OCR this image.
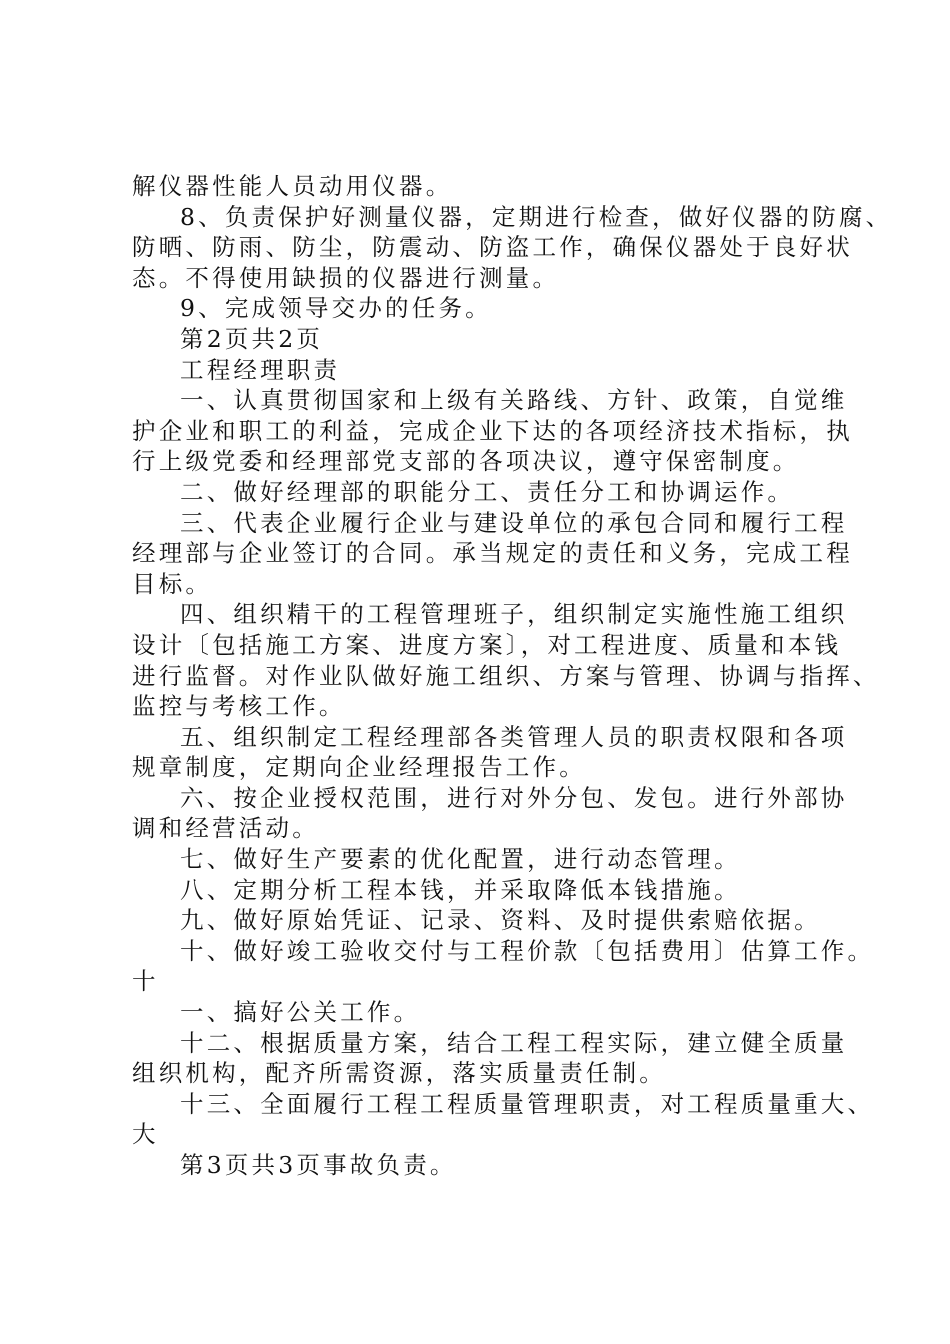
解仪器性能人员动用仪器。
8、负责保护好测量仪器，定期进行检查，做好仪器的防腐、
防晒、防雨、防尘，防震动、防盗工作，确保仪器处于良好状
态。不得使用缺损的仪器进行测量。
9、完成领导交办的任务。
第2页共2页
工程经理职责
一、认真贯彻国家和上级有关路线、方针、政策，自觉维
护企业和职工的利益，完成企业下达的各项经济技术指标，执
行上级党委和经理部党支部的各项决议，遵守保密制度。
二、做好经理部的职能分工、责任分工和协调运作。
三、代表企业履行企业与建设单位的承包合同和履行工程
经理部与企业签订的合同。承当规定的责任和义务，完成工程
目标。
四、组织精干的工程管理班子，组织制定实施性施工组织
设计〔包括施工方案、进度方案〕，对工程进度、质量和本钱
进行监督。对作业队做好施工组织、方案与管理、协调与指挥、
监控与考核工作。
五、组织制定工程经理部各类管理人员的职责权限和各项
规章制度，定期向企业经理报告工作。
六、按企业授权范围，进行对外分包、发包。进行外部协
调和经营活动。
七、做好生产要素的优化配置，进行动态管理。
八、定期分析工程本钱，并采取降低本钱措施。
九、做好原始凭证、记录、资料、及时提供索赔依据。
十、做好竣工验收交付与工程价款〔包括费用〕估算工作。
十
一、搞好公关工作。
十二、根据质量方案，结合工程工程实际，建立健全质量
组织机构，配齐所需资源，落实质量责任制。
十三、全面履行工程工程质量管理职责，对工程质量重大、
大
第3页共3页事故负责。
